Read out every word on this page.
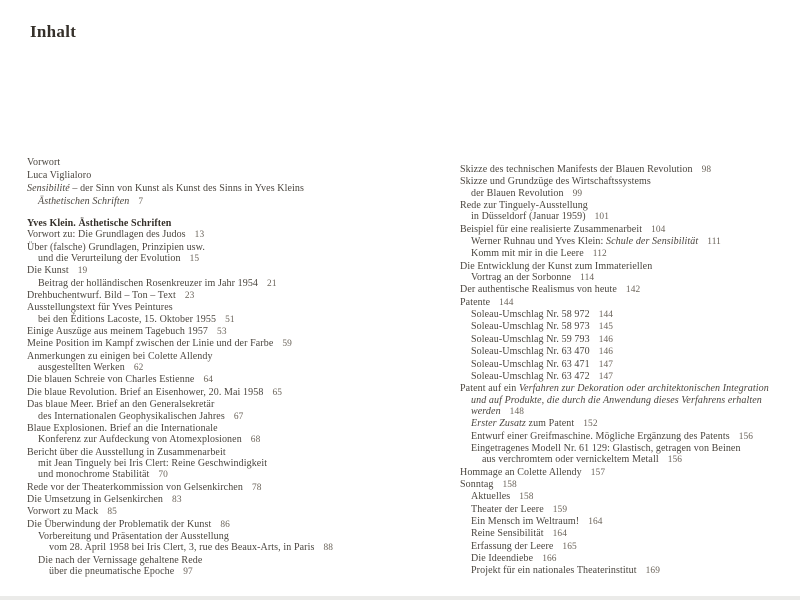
Inhalt
Vorwort
Luca Viglialoro
Sensibilité – der Sinn von Kunst als Kunst des Sinns in Yves Kleins
Ästhetischen Schriften 7
Yves Klein. Ästhetische Schriften
Vorwort zu: Die Grundlagen des Judos 13
Über (falsche) Grundlagen, Prinzipien usw.
und die Verurteilung der Evolution 15
Die Kunst 19
Beitrag der holländischen Rosenkreuzer im Jahr 1954 21
Drehbuchentwurf. Bild – Ton – Text 23
Ausstellungstext für Yves Peintures
bei den Éditions Lacoste, 15. Oktober 1955 51
Einige Auszüge aus meinem Tagebuch 1957 53
Meine Position im Kampf zwischen der Linie und der Farbe 59
Anmerkungen zu einigen bei Colette Allendy
ausgestellten Werken 62
Die blauen Schreie von Charles Estienne 64
Die blaue Revolution. Brief an Eisenhower, 20. Mai 1958 65
Das blaue Meer. Brief an den Generalsekretär
des Internationalen Geophysikalischen Jahres 67
Blaue Explosionen. Brief an die Internationale
Konferenz zur Aufdeckung von Atomexplosionen 68
Bericht über die Ausstellung in Zusammenarbeit
mit Jean Tinguely bei Iris Clert: Reine Geschwindigkeit
und monochrome Stabilität 70
Rede vor der Theaterkommission von Gelsenkirchen 78
Die Umsetzung in Gelsenkirchen 83
Vorwort zu Mack 85
Die Überwindung der Problematik der Kunst 86
Vorbereitung und Präsentation der Ausstellung
vom 28. April 1958 bei Iris Clert, 3, rue des Beaux-Arts, in Paris 88
Die nach der Vernissage gehaltene Rede
über die pneumatische Epoche 97
Skizze des technischen Manifests der Blauen Revolution 98
Skizze und Grundzüge des Wirtschaftssystems
der Blauen Revolution 99
Rede zur Tinguely-Ausstellung
in Düsseldorf (Januar 1959) 101
Beispiel für eine realisierte Zusammenarbeit 104
Werner Ruhnau und Yves Klein: Schule der Sensibilität 111
Komm mit mir in die Leere 112
Die Entwicklung der Kunst zum Immateriellen
Vortrag an der Sorbonne 114
Der authentische Realismus von heute 142
Patente 144
Soleau-Umschlag Nr. 58 972 144
Soleau-Umschlag Nr. 58 973 145
Soleau-Umschlag Nr. 59 793 146
Soleau-Umschlag Nr. 63 470 146
Soleau-Umschlag Nr. 63 471 147
Soleau-Umschlag Nr. 63 472 147
Patent auf ein Verfahren zur Dekoration oder architektonischen Integration
und auf Produkte, die durch die Anwendung dieses Verfahrens erhalten
werden 148
Erster Zusatz zum Patent 152
Entwurf einer Greifmaschine. Mögliche Ergänzung des Patents 156
Eingetragenes Modell Nr. 61 129: Glastisch, getragen von Beinen
aus verchromtem oder vernickeltem Metall 156
Hommage an Colette Allendy 157
Sonntag 158
Aktuelles 158
Theater der Leere 159
Ein Mensch im Weltraum! 164
Reine Sensibilität 164
Erfassung der Leere 165
Die Ideendiebe 166
Projekt für ein nationales Theaterinstitut 169
